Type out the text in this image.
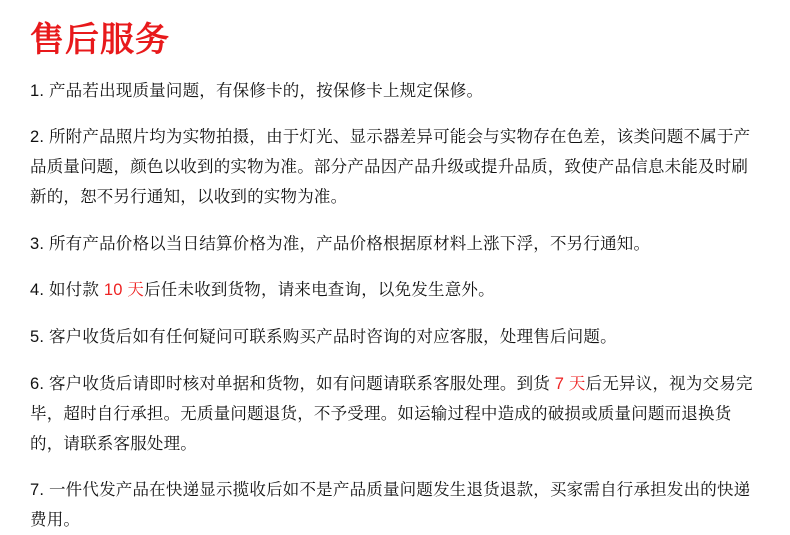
售后服务

1. 产品若出现质量问题，有保修卡的，按保修卡上规定保修。

2. 所附产品照片均为实物拍摄，由于灯光、显示器差异可能会与实物存在色差，该类问题不属于产品质量问题，颜色以收到的实物为准。部分产品因产品升级或提升品质，致使产品信息未能及时刷新的，恕不另行通知，以收到的实物为准。

3. 所有产品价格以当日结算价格为准，产品价格根据原材料上涨下浮，不另行通知。

4. 如付款 10 天后任未收到货物，请来电查询，以免发生意外。

5. 客户收货后如有任何疑问可联系购买产品时咨询的对应客服，处理售后问题。

6. 客户收货后请即时核对单据和货物，如有问题请联系客服处理。到货 7 天后无异议，视为交易完毕，超时自行承担。无质量问题退货，不予受理。如运输过程中造成的破损或质量问题而退换货的，请联系客服处理。

7. 一件代发产品在快递显示揽收后如不是产品质量问题发生退货退款，买家需自行承担发出的快递费用。
